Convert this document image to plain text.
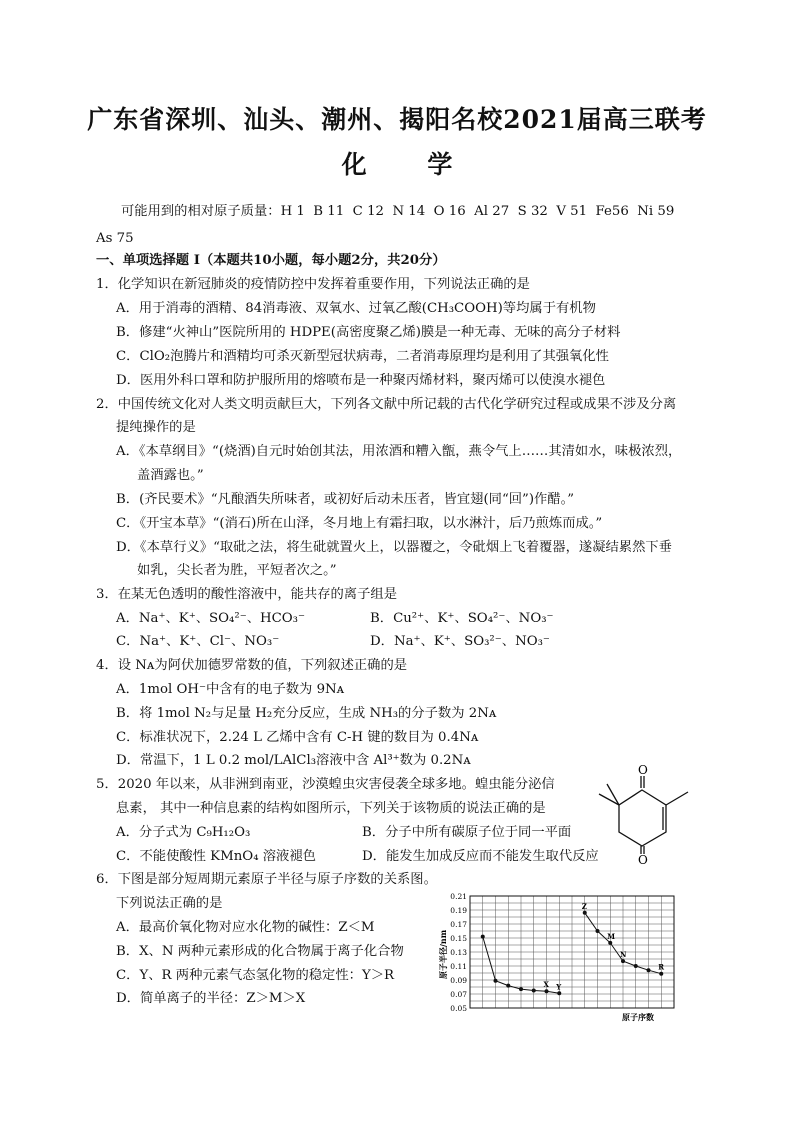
广东省深圳、汕头、潮州、揭阳名校2021届高三联考
化 学
可能用到的相对原子质量：H 1  B 11  C 12  N 14  O 16  Al 27  S 32  V 51  Fe56  Ni 59
As 75
一、单项选择题 I（本题共10小题，每小题2分，共20分）
1．化学知识在新冠肺炎的疫情防控中发挥着重要作用，下列说法正确的是
A．用于消毒的酒精、84消毒液、双氧水、过氧乙酸(CH₃COOH)等均属于有机物
B．修建“火神山”医院所用的 HDPE(高密度聚乙烯)膜是一种无毒、无味的高分子材料
C．ClO₂泡腾片和酒精均可杀灭新型冠状病毒，二者消毒原理均是利用了其强氧化性
D．医用外科口罩和防护服所用的熔喷布是一种聚丙烯材料，聚丙烯可以使溴水褪色
2．中国传统文化对人类文明贡献巨大，下列各文献中所记载的古代化学研究过程或成果不涉及分离
提纯操作的是
A．《本草纲目》“(烧酒)自元时始创其法，用浓酒和糟入甑，燕令气上……其清如水，味极浓烈，
盖酒露也。”
B．(齐民要术》“凡酿酒失所味者，或初好后动未压者，皆宜翅(同“回”)作醋。”
C．《开宝本草》“(消石)所在山泽，冬月地上有霜扫取，以水淋汁，后乃煎炼而成。”
D．《本草行义》“取砒之法，将生砒就置火上，以器覆之，令砒烟上飞着覆器，遂凝结累然下垂
如乳，尖长者为胜，平短者次之。”
3．在某无色透明的酸性溶液中，能共存的离子组是
A．Na⁺、K⁺、SO₄²⁻、HCO₃⁻	B．Cu²⁺、K⁺、SO₄²⁻、NO₃⁻
C．Na⁺、K⁺、Cl⁻、NO₃⁻	D．Na⁺、K⁺、SO₃²⁻、NO₃⁻
4．设 Nᴀ为阿伏加德罗常数的值，下列叙述正确的是
A．1mol OH⁻中含有的电子数为 9Nᴀ
B．将 1mol N₂与足量 H₂充分反应，生成 NH₃的分子数为 2Nᴀ
C．标准状况下，2.24 L 乙烯中含有 C-H 键的数目为 0.4Nᴀ
D．常温下，1 L 0.2 mol/LAlCl₃溶液中含 Al³⁺数为 0.2Nᴀ
5．2020 年以来，从非洲到南亚，沙漠蝗虫灾害侵袭全球多地。蝗虫能分泌信
息素， 其中一种信息素的结构如图所示，下列关于该物质的说法正确的是
A．分子式为 C₉H₁₂O₃	B．分子中所有碳原子位于同一平面
C．不能使酸性 KMnO₄ 溶液褪色	D．能发生加成反应而不能发生取代反应
O
O
6．下图是部分短周期元素原子半径与原子序数的关系图。
下列说法正确的是
A．最高价氧化物对应水化物的碱性：Z＜M
B．X、N 两种元素形成的化合物属于离子化合物
C．Y、R 两种元素气态氢化物的稳定性：Y＞R
D．简单离子的半径：Z＞M＞X
0.21
0.19
0.17
0.15
0.13
0.11
0.09
0.07
0.05
原子半径/nm
原子序数
X Y
Z
M
N
R
